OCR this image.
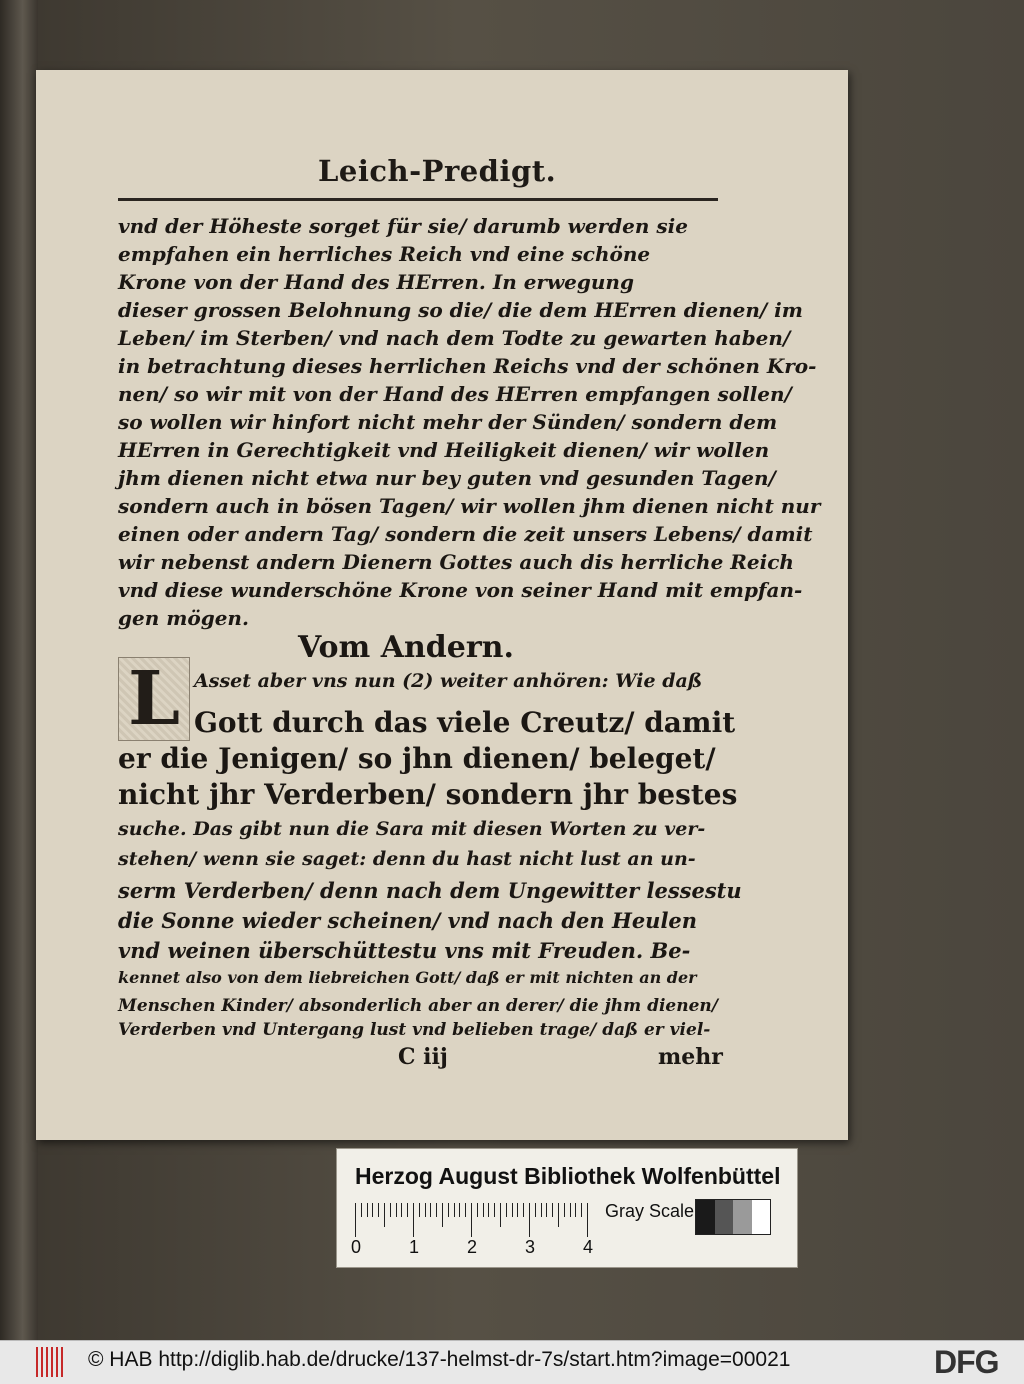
Leich-Predigt.
vnd der Höheste sorget für sie/ darumb werden sie
empfahen ein herrliches Reich vnd eine schöne
Krone von der Hand des HErren. In erwegung
dieser grossen Belohnung so die/ die dem HErren dienen/ im
Leben/ im Sterben/ vnd nach dem Todte zu gewarten haben/
in betrachtung dieses herrlichen Reichs vnd der schönen Kro-
nen/ so wir mit von der Hand des HErren empfangen sollen/
so wollen wir hinfort nicht mehr der Sünden/ sondern dem
HErren in Gerechtigkeit vnd Heiligkeit dienen/ wir wollen
jhm dienen nicht etwa nur bey guten vnd gesunden Tagen/
sondern auch in bösen Tagen/ wir wollen jhm dienen nicht nur
einen oder andern Tag/ sondern die zeit unsers Lebens/ damit
wir nebenst andern Dienern Gottes auch dis herrliche Reich
vnd diese wunderschöne Krone von seiner Hand mit empfan-
gen mögen.
Vom Andern.
L Asset aber vns nun (2) weiter anhören: Wie daß
Gott durch das viele Creutz/ damit
er die Jenigen/ so jhn dienen/ beleget/
nicht jhr Verderben/ sondern jhr bestes
suche. Das gibt nun die Sara mit diesen Worten zu ver-
stehen/ wenn sie saget: denn du hast nicht lust an un-
serm Verderben/ denn nach dem Ungewitter lessestu
die Sonne wieder scheinen/ vnd nach den Heulen
vnd weinen überschüttestu vns mit Freuden. Be-
kennet also von dem liebreichen Gott/ daß er mit nichten an der
Menschen Kinder/ absonderlich aber an derer/ die jhm dienen/
Verderben vnd Untergang lust vnd belieben trage/ daß er viel-
C iij	mehr
Herzog August Bibliothek Wolfenbüttel
0	1	2	3	4
Gray Scale
© HAB http://diglib.hab.de/drucke/137-helmst-dr-7s/start.htm?image=00021	DFG
